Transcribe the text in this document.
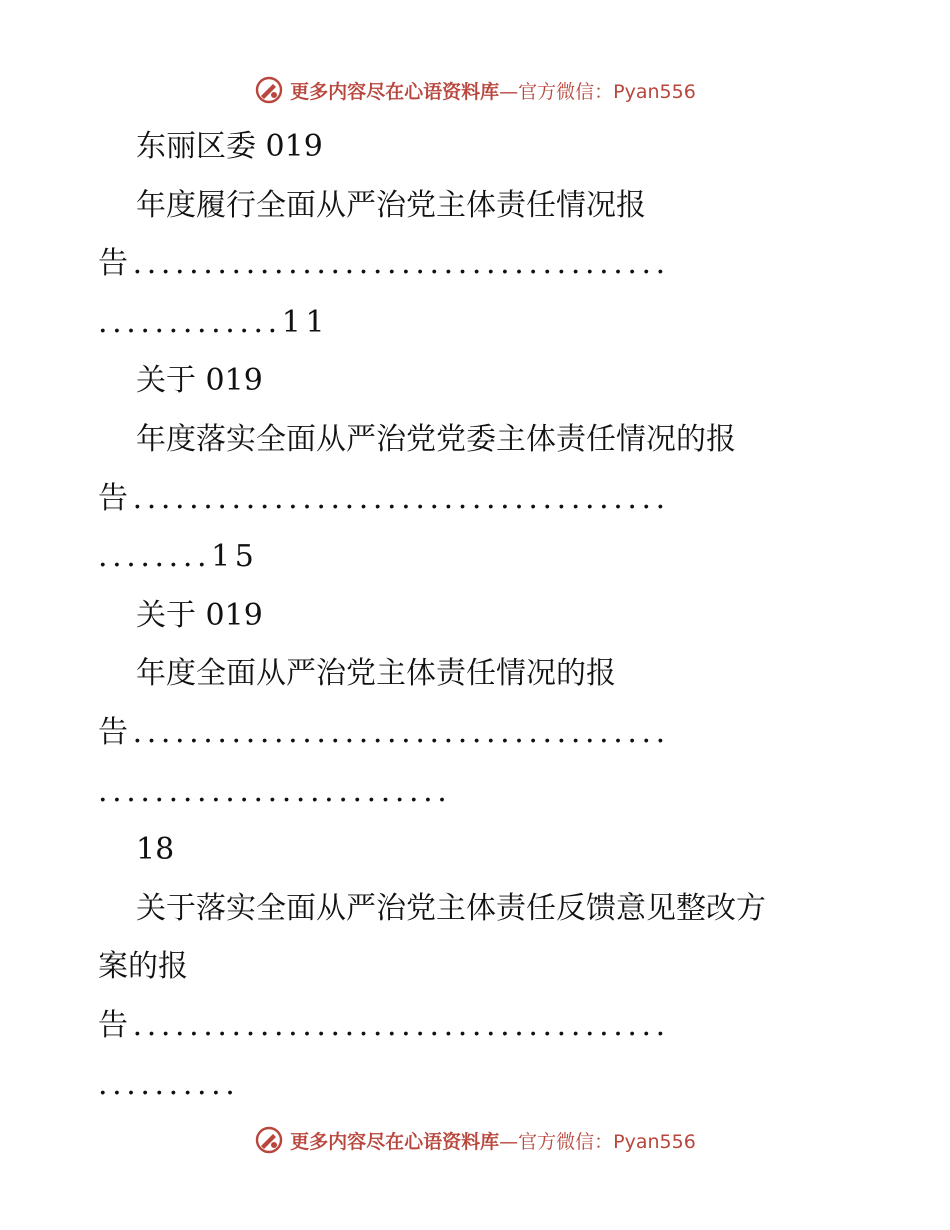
更多内容尽在心语资料库—官方微信：Pyan556
东丽区委 019
年度履行全面从严治党主体责任情况报
告......................................
.............11
关于 019
年度落实全面从严治党党委主体责任情况的报
告......................................
........15
关于 019
年度全面从严治党主体责任情况的报
告......................................
.........................
18
关于落实全面从严治党主体责任反馈意见整改方
案的报
告......................................
..........
更多内容尽在心语资料库—官方微信：Pyan556
